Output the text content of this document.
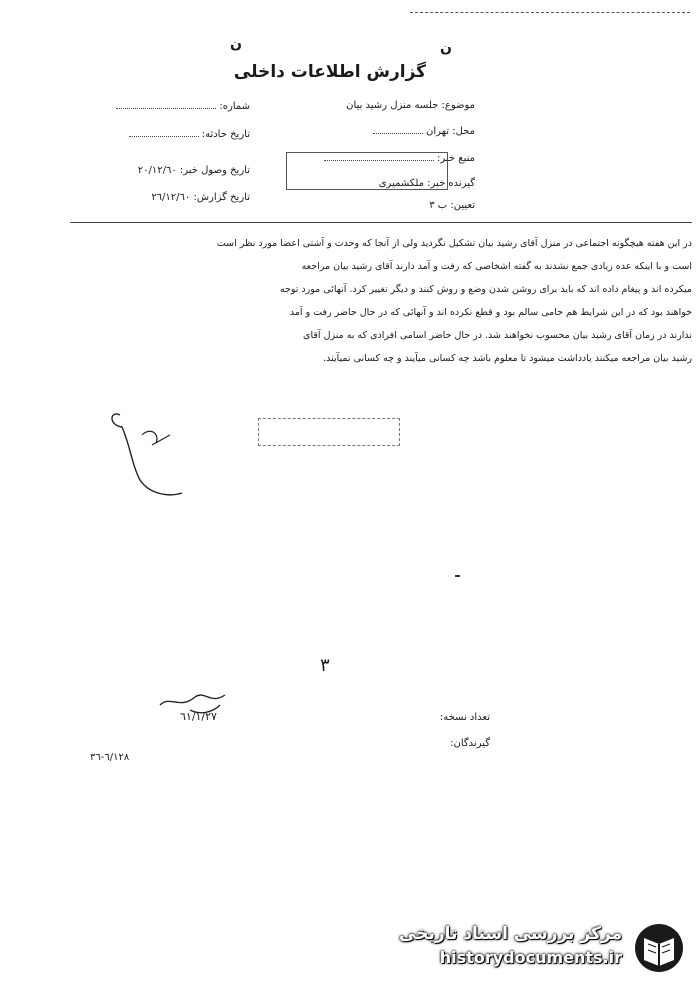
ن	ن
گزارش اطلاعات داخلی
موضوع: جلسه منزل رشید بیان
محل: تهران
منبع خبر:
گیرنده خبر: ملکشمیری
تعیین: ب ٣
شماره:
تاریخ حادثه:
تاریخ وصول خبر: ٢٠/١٢/٦٠
تاریخ گزارش: ٢٦/١٢/٦٠
در این هفته هیچگونه اجتماعی در منزل آقای رشید بیان تشکیل نگردید ولی از آنجا که وحدت و آشتی اعضا مورد نظر است
است و با اینکه عده زیادی جمع نشدند به گفته اشخاصی که رفت و آمد دارند آقای رشید بیان مراجعه
میکرده اند و پیغام داده اند که باید برای روشن شدن وضع و روش کنند و دیگر تغییر کرد. آنهائی مورد توجه
خواهند بود که در این شرایط هم حامی سالم بود و قطع نکرده اند و آنهائی که در حال حاضر رفت و آمد
ندارند در زمان آقای رشید بیان محسوب نخواهند شد. در حال حاضر اسامی افرادی که به منزل آقای
رشید بیان مراجعه میکنند یادداشت میشود تا معلوم باشد چه کسانی میآیند و چه کسانی نمیآیند.
٣
٦١/١/٢٧	تعداد نسخه:
گیرندگان:
٦/١٢٨-٣٦
مرکز بررسی اسناد تاریخی
historydocuments.ir
